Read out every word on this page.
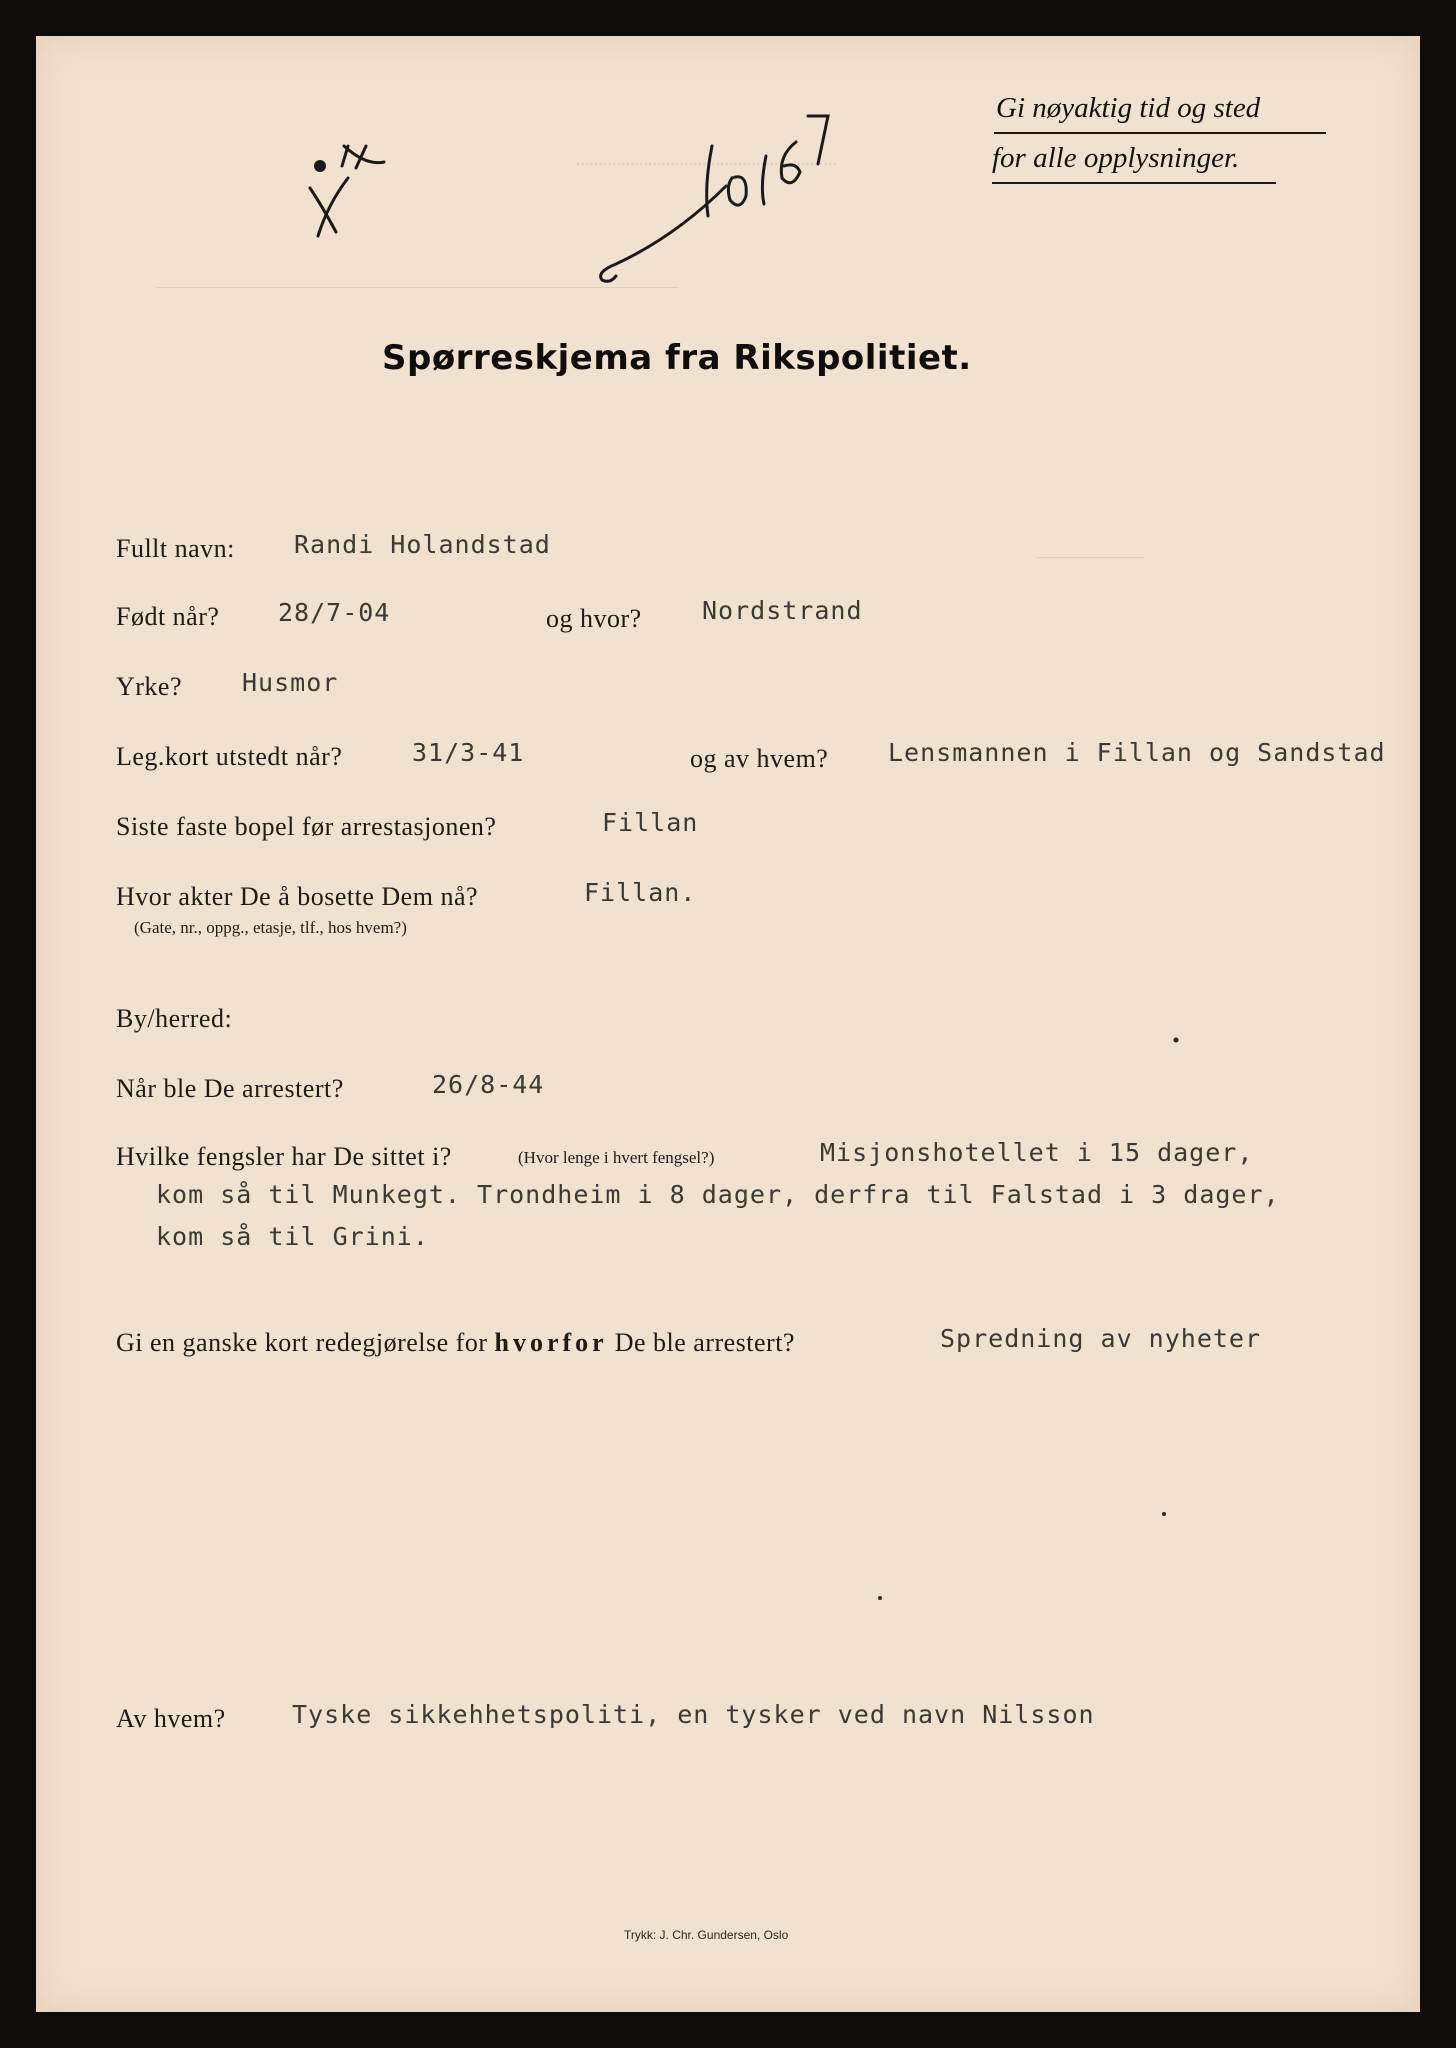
..........................................................
—————————————————————————————
——————
Gi nøyaktig tid og sted
for alle opplysninger.
Spørreskjema fra Rikspolitiet.
Fullt navn: Randi Holandstad
Født når? 28/7-04	og hvor? Nordstrand
Yrke? Husmor
Leg.kort utstedt når?	31/3-41	og av hvem? Lensmannen i Fillan og Sandstad
Siste faste bopel før arrestasjonen?	Fillan
Hvor akter De å bosette Dem nå?
(Gate, nr., oppg., etasje, tlf., hos hvem?)
Fillan.
By/herred:
Når ble De arrestert?	26/8-44
Hvilke fengsler har De sittet i?	(Hvor lenge i hvert fengsel?)	Misjonshotellet i 15 dager,
kom så til Munkegt. Trondheim i 8 dager, derfra til Falstad i 3 dager,
kom så til Grini.
Gi en ganske kort redegjørelse for hvorfor De ble arrestert?	Spredning av nyheter
Av hvem?	Tyske sikkehhetspoliti, en tysker ved navn Nilsson
Trykk: J. Chr. Gundersen, Oslo
